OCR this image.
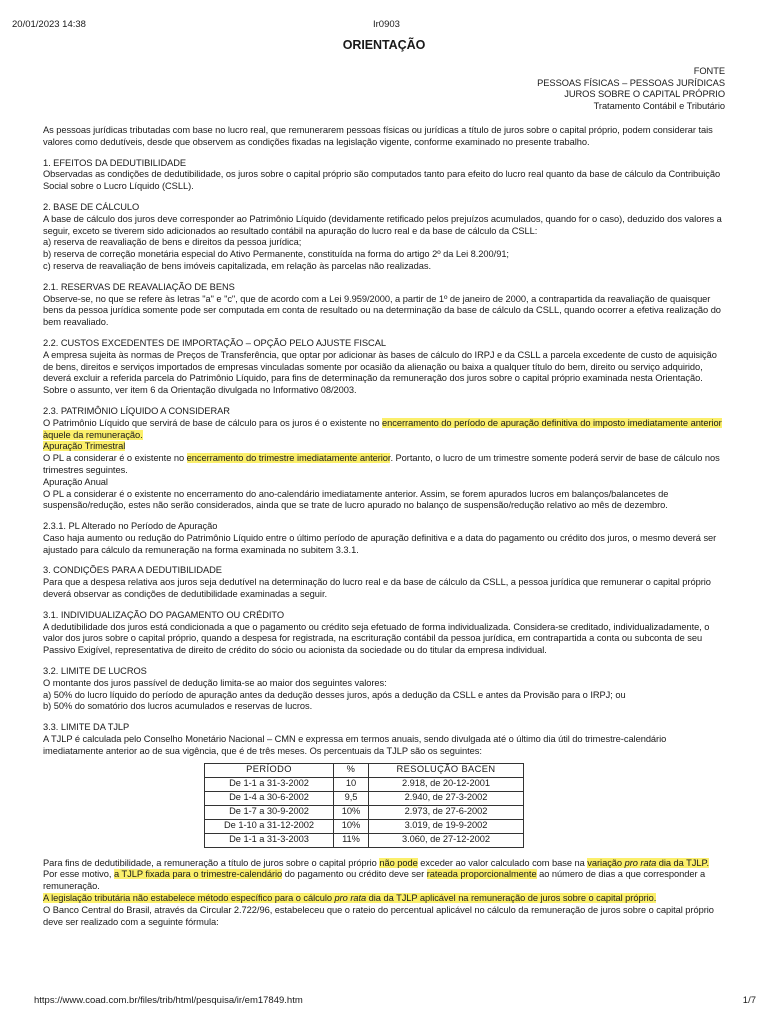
20/01/2023 14:38	Ir0903
ORIENTAÇÃO
FONTE
PESSOAS FÍSICAS – PESSOAS JURÍDICAS
JUROS SOBRE O CAPITAL PRÓPRIO
Tratamento Contábil e Tributário
As pessoas jurídicas tributadas com base no lucro real, que remunerarem pessoas físicas ou jurídicas a título de juros sobre o capital próprio, podem considerar tais valores como dedutíveis, desde que observem as condições fixadas na legislação vigente, conforme examinado no presente trabalho.
1. EFEITOS DA DEDUTIBILIDADE
Observadas as condições de dedutibilidade, os juros sobre o capital próprio são computados tanto para efeito do lucro real quanto da base de cálculo da Contribuição Social sobre o Lucro Líquido (CSLL).
2. BASE DE CÁLCULO
A base de cálculo dos juros deve corresponder ao Patrimônio Líquido (devidamente retificado pelos prejuízos acumulados, quando for o caso), deduzido dos valores a seguir, exceto se tiverem sido adicionados ao resultado contábil na apuração do lucro real e da base de cálculo da CSLL:
a) reserva de reavaliação de bens e direitos da pessoa jurídica;
b) reserva de correção monetária especial do Ativo Permanente, constituída na forma do artigo 2º da Lei 8.200/91;
c) reserva de reavaliação de bens imóveis capitalizada, em relação às parcelas não realizadas.
2.1. RESERVAS DE REAVALIAÇÃO DE BENS
Observe-se, no que se refere às letras "a" e "c", que de acordo com a Lei 9.959/2000, a partir de 1º de janeiro de 2000, a contrapartida da reavaliação de quaisquer bens da pessoa jurídica somente pode ser computada em conta de resultado ou na determinação da base de cálculo da CSLL, quando ocorrer a efetiva realização do bem reavaliado.
2.2. CUSTOS EXCEDENTES DE IMPORTAÇÃO – OPÇÃO PELO AJUSTE FISCAL
A empresa sujeita às normas de Preços de Transferência, que optar por adicionar às bases de cálculo do IRPJ e da CSLL a parcela excedente de custo de aquisição de bens, direitos e serviços importados de empresas vinculadas somente por ocasião da alienação ou baixa a qualquer título do bem, direito ou serviço adquirido, deverá excluir a referida parcela do Patrimônio Líquido, para fins de determinação da remuneração dos juros sobre o capital próprio examinada nesta Orientação.
Sobre o assunto, ver item 6 da Orientação divulgada no Informativo 08/2003.
2.3. PATRIMÔNIO LÍQUIDO A CONSIDERAR
O Patrimônio Líquido que servirá de base de cálculo para os juros é o existente no encerramento do período de apuração definitiva do imposto imediatamente anterior àquele da remuneração.
Apuração Trimestral
O PL a considerar é o existente no encerramento do trimestre imediatamente anterior. Portanto, o lucro de um trimestre somente poderá servir de base de cálculo nos trimestres seguintes.
Apuração Anual
O PL a considerar é o existente no encerramento do ano-calendário imediatamente anterior. Assim, se forem apurados lucros em balanços/balancetes de suspensão/redução, estes não serão considerados, ainda que se trate de lucro apurado no balanço de suspensão/redução relativo ao mês de dezembro.
2.3.1. PL Alterado no Período de Apuração
Caso haja aumento ou redução do Patrimônio Líquido entre o último período de apuração definitiva e a data do pagamento ou crédito dos juros, o mesmo deverá ser ajustado para cálculo da remuneração na forma examinada no subitem 3.3.1.
3. CONDIÇÕES PARA A DEDUTIBILIDADE
Para que a despesa relativa aos juros seja dedutível na determinação do lucro real e da base de cálculo da CSLL, a pessoa jurídica que remunerar o capital próprio deverá observar as condições de dedutibilidade examinadas a seguir.
3.1. INDIVIDUALIZAÇÃO DO PAGAMENTO OU CRÉDITO
A dedutibilidade dos juros está condicionada a que o pagamento ou crédito seja efetuado de forma individualizada. Considera-se creditado, individualizadamente, o valor dos juros sobre o capital próprio, quando a despesa for registrada, na escrituração contábil da pessoa jurídica, em contrapartida a conta ou subconta de seu Passivo Exigível, representativa de direito de crédito do sócio ou acionista da sociedade ou do titular da empresa individual.
3.2. LIMITE DE LUCROS
O montante dos juros passível de dedução limita-se ao maior dos seguintes valores:
a) 50% do lucro líquido do período de apuração antes da dedução desses juros, após a dedução da CSLL e antes da Provisão para o IRPJ; ou
b) 50% do somatório dos lucros acumulados e reservas de lucros.
3.3. LIMITE DA TJLP
A TJLP é calculada pelo Conselho Monetário Nacional – CMN e expressa em termos anuais, sendo divulgada até o último dia útil do trimestre-calendário imediatamente anterior ao de sua vigência, que é de três meses. Os percentuais da TJLP são os seguintes:
PERÍODO	%	RESOLUÇÃO BACEN
De 1-1 a 31-3-2002	10	2.918, de 20-12-2001
De 1-4 a 30-6-2002	9,5	2.940, de 27-3-2002
De 1-7 a 30-9-2002	10%	2.973, de 27-6-2002
De 1-10 a 31-12-2002	10%	3.019, de 19-9-2002
De 1-1 a 31-3-2003	11%	3.060, de 27-12-2002
Para fins de dedutibilidade, a remuneração a título de juros sobre o capital próprio não pode exceder ao valor calculado com base na variação pro rata dia da TJLP.
Por esse motivo, a TJLP fixada para o trimestre-calendário do pagamento ou crédito deve ser rateada proporcionalmente ao número de dias a que corresponder a remuneração.
A legislação tributária não estabelece método específico para o cálculo pro rata dia da TJLP aplicável na remuneração de juros sobre o capital próprio.
O Banco Central do Brasil, através da Circular 2.722/96, estabeleceu que o rateio do percentual aplicável no cálculo da remuneração de juros sobre o capital próprio deve ser realizado com a seguinte fórmula:
https://www.coad.com.br/files/trib/html/pesquisa/ir/em17849.htm	1/7
